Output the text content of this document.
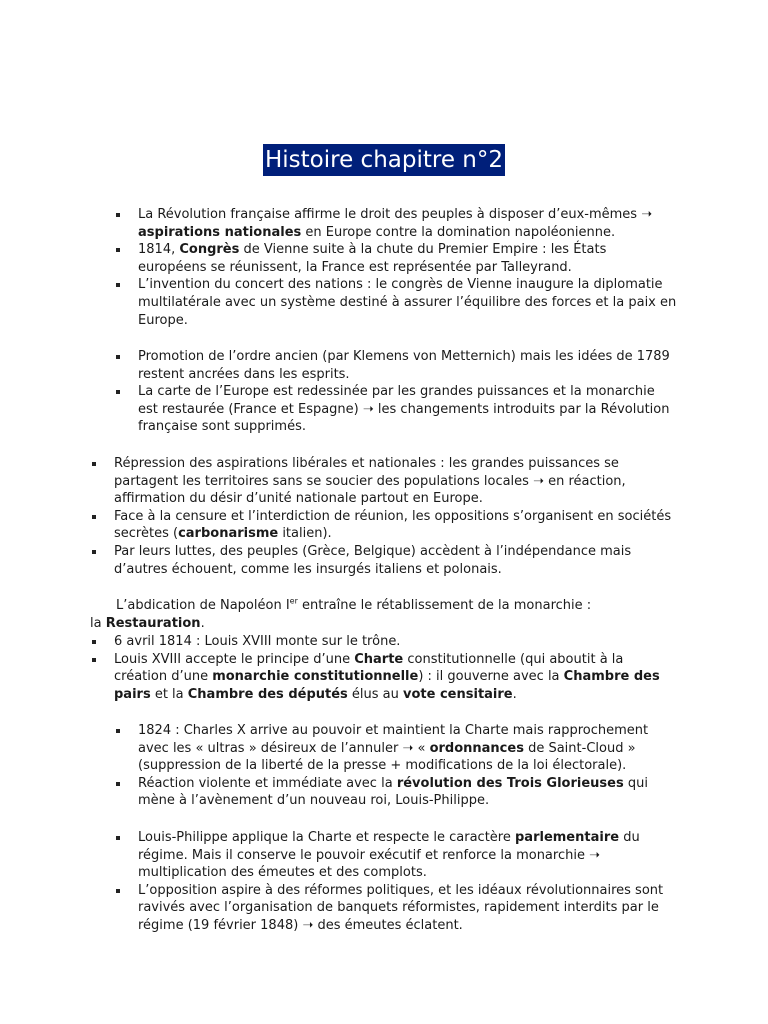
Histoire chapitre n°2
La Révolution française affirme le droit des peuples à disposer d’eux-mêmes ➝ aspirations nationales en Europe contre la domination napoléonienne.
1814, Congrès de Vienne suite à la chute du Premier Empire : les États européens se réunissent, la France est représentée par Talleyrand.
L’invention du concert des nations : le congrès de Vienne inaugure la diplomatie multilatérale avec un système destiné à assurer l’équilibre des forces et la paix en Europe.
Promotion de l’ordre ancien (par Klemens von Metternich) mais les idées de 1789 restent ancrées dans les esprits.
La carte de l’Europe est redessinée par les grandes puissances et la monarchie est restaurée (France et Espagne) ➝ les changements introduits par la Révolution française sont supprimés.
Répression des aspirations libérales et nationales : les grandes puissances se partagent les territoires sans se soucier des populations locales ➝ en réaction, affirmation du désir d’unité nationale partout en Europe.
Face à la censure et l’interdiction de réunion, les oppositions s’organisent en sociétés secrètes (carbonarisme italien).
Par leurs luttes, des peuples (Grèce, Belgique) accèdent à l’indépendance mais d’autres échouent, comme les insurgés italiens et polonais.
L’abdication de Napoléon Ier entraîne le rétablissement de la monarchie :
la Restauration.
6 avril 1814 : Louis XVIII monte sur le trône.
Louis XVIII accepte le principe d’une Charte constitutionnelle (qui aboutit à la création d’une monarchie constitutionnelle) : il gouverne avec la Chambre des pairs et la Chambre des députés élus au vote censitaire.
1824 : Charles X arrive au pouvoir et maintient la Charte mais rapprochement avec les « ultras » désireux de l’annuler ➝ « ordonnances de Saint-Cloud » (suppression de la liberté de la presse + modifications de la loi électorale).
Réaction violente et immédiate avec la révolution des Trois Glorieuses qui mène à l’avènement d’un nouveau roi, Louis-Philippe.
Louis-Philippe applique la Charte et respecte le caractère parlementaire du régime. Mais il conserve le pouvoir exécutif et renforce la monarchie ➝ multiplication des émeutes et des complots.
L’opposition aspire à des réformes politiques, et les idéaux révolutionnaires sont ravivés avec l’organisation de banquets réformistes, rapidement interdits par le régime (19 février 1848) ➝ des émeutes éclatent.
